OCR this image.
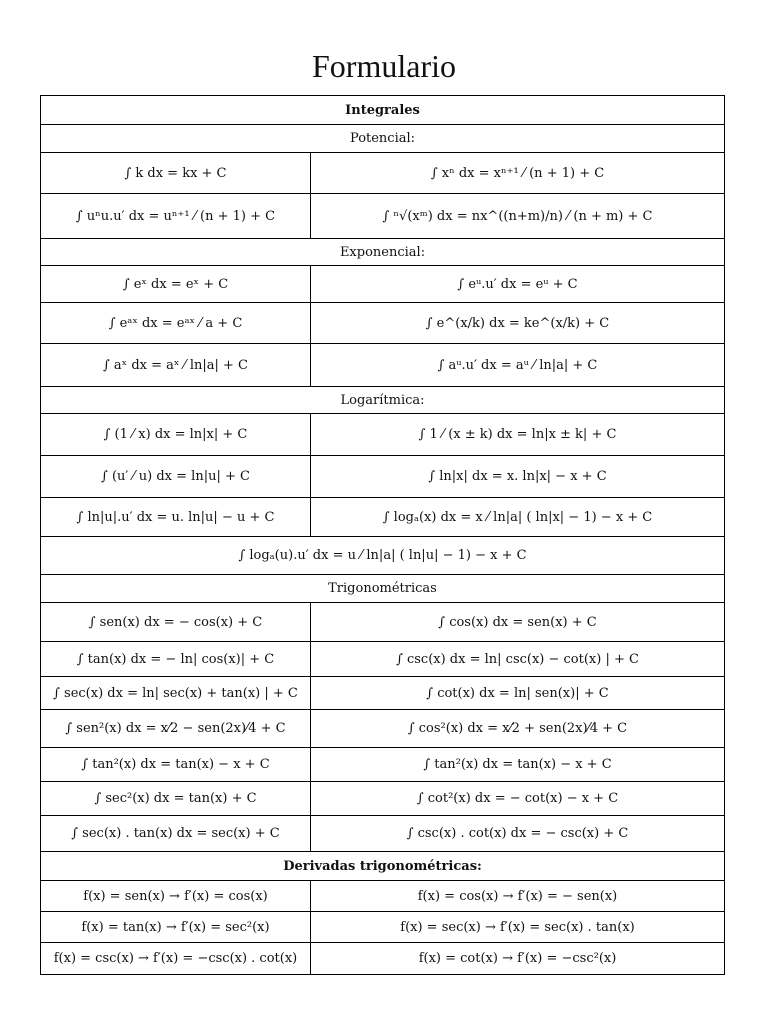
Formulario
Integrales	
Potencial:	
∫ k dx = kx + C	∫ xⁿ dx = xⁿ⁺¹ ⁄ (n + 1) + C
∫ uⁿu.u′ dx = uⁿ⁺¹ ⁄ (n + 1) + C	∫ ⁿ√(xᵐ) dx = nx^((n+m)/n) ⁄ (n + m) + C
Exponencial:	
∫ eˣ dx = eˣ + C	∫ eᵘ.u′ dx = eᵘ + C
∫ eᵃˣ dx = eᵃˣ ⁄ a + C	∫ e^(x/k) dx = ke^(x/k) + C
∫ aˣ dx = aˣ ⁄ ln|a| + C	∫ aᵘ.u′ dx = aᵘ ⁄ ln|a| + C
Logarítmica:	
∫ (1 ⁄ x) dx = ln|x| + C	∫ 1 ⁄ (x ± k) dx = ln|x ± k| + C
∫ (u′ ⁄ u) dx = ln|u| + C	∫ ln|x| dx = x. ln|x| − x + C
∫ ln|u|.u′ dx = u. ln|u| − u + C	∫ logₐ(x) dx = x ⁄ ln|a| ( ln|x| − 1) − x + C
∫ logₐ(u).u′ dx = u ⁄ ln|a| ( ln|u| − 1) − x + C	
Trigonométricas	
∫ sen(x) dx = − cos(x) + C	∫ cos(x) dx = sen(x) + C
∫ tan(x) dx = − ln| cos(x)| + C	∫ csc(x) dx = ln| csc(x) − cot(x) | + C
∫ sec(x) dx = ln| sec(x) + tan(x) | + C	∫ cot(x) dx = ln| sen(x)| + C
∫ sen²(x) dx = x⁄2 − sen(2x)⁄4 + C	∫ cos²(x) dx = x⁄2 + sen(2x)⁄4 + C
∫ tan²(x) dx = tan(x) − x + C	∫ tan²(x) dx = tan(x) − x + C
∫ sec²(x) dx = tan(x) + C	∫ cot²(x) dx = − cot(x) − x + C
∫ sec(x) . tan(x) dx = sec(x) + C	∫ csc(x) . cot(x) dx = − csc(x) + C
Derivadas trigonométricas:	
f(x) = sen(x) → f′(x) = cos(x)	f(x) = cos(x) → f′(x) = − sen(x)
f(x) = tan(x) → f′(x) = sec²(x)	f(x) = sec(x) → f′(x) = sec(x) . tan(x)
f(x) = csc(x) → f′(x) = −csc(x) . cot(x)	f(x) = cot(x) → f′(x) = −csc²(x)
